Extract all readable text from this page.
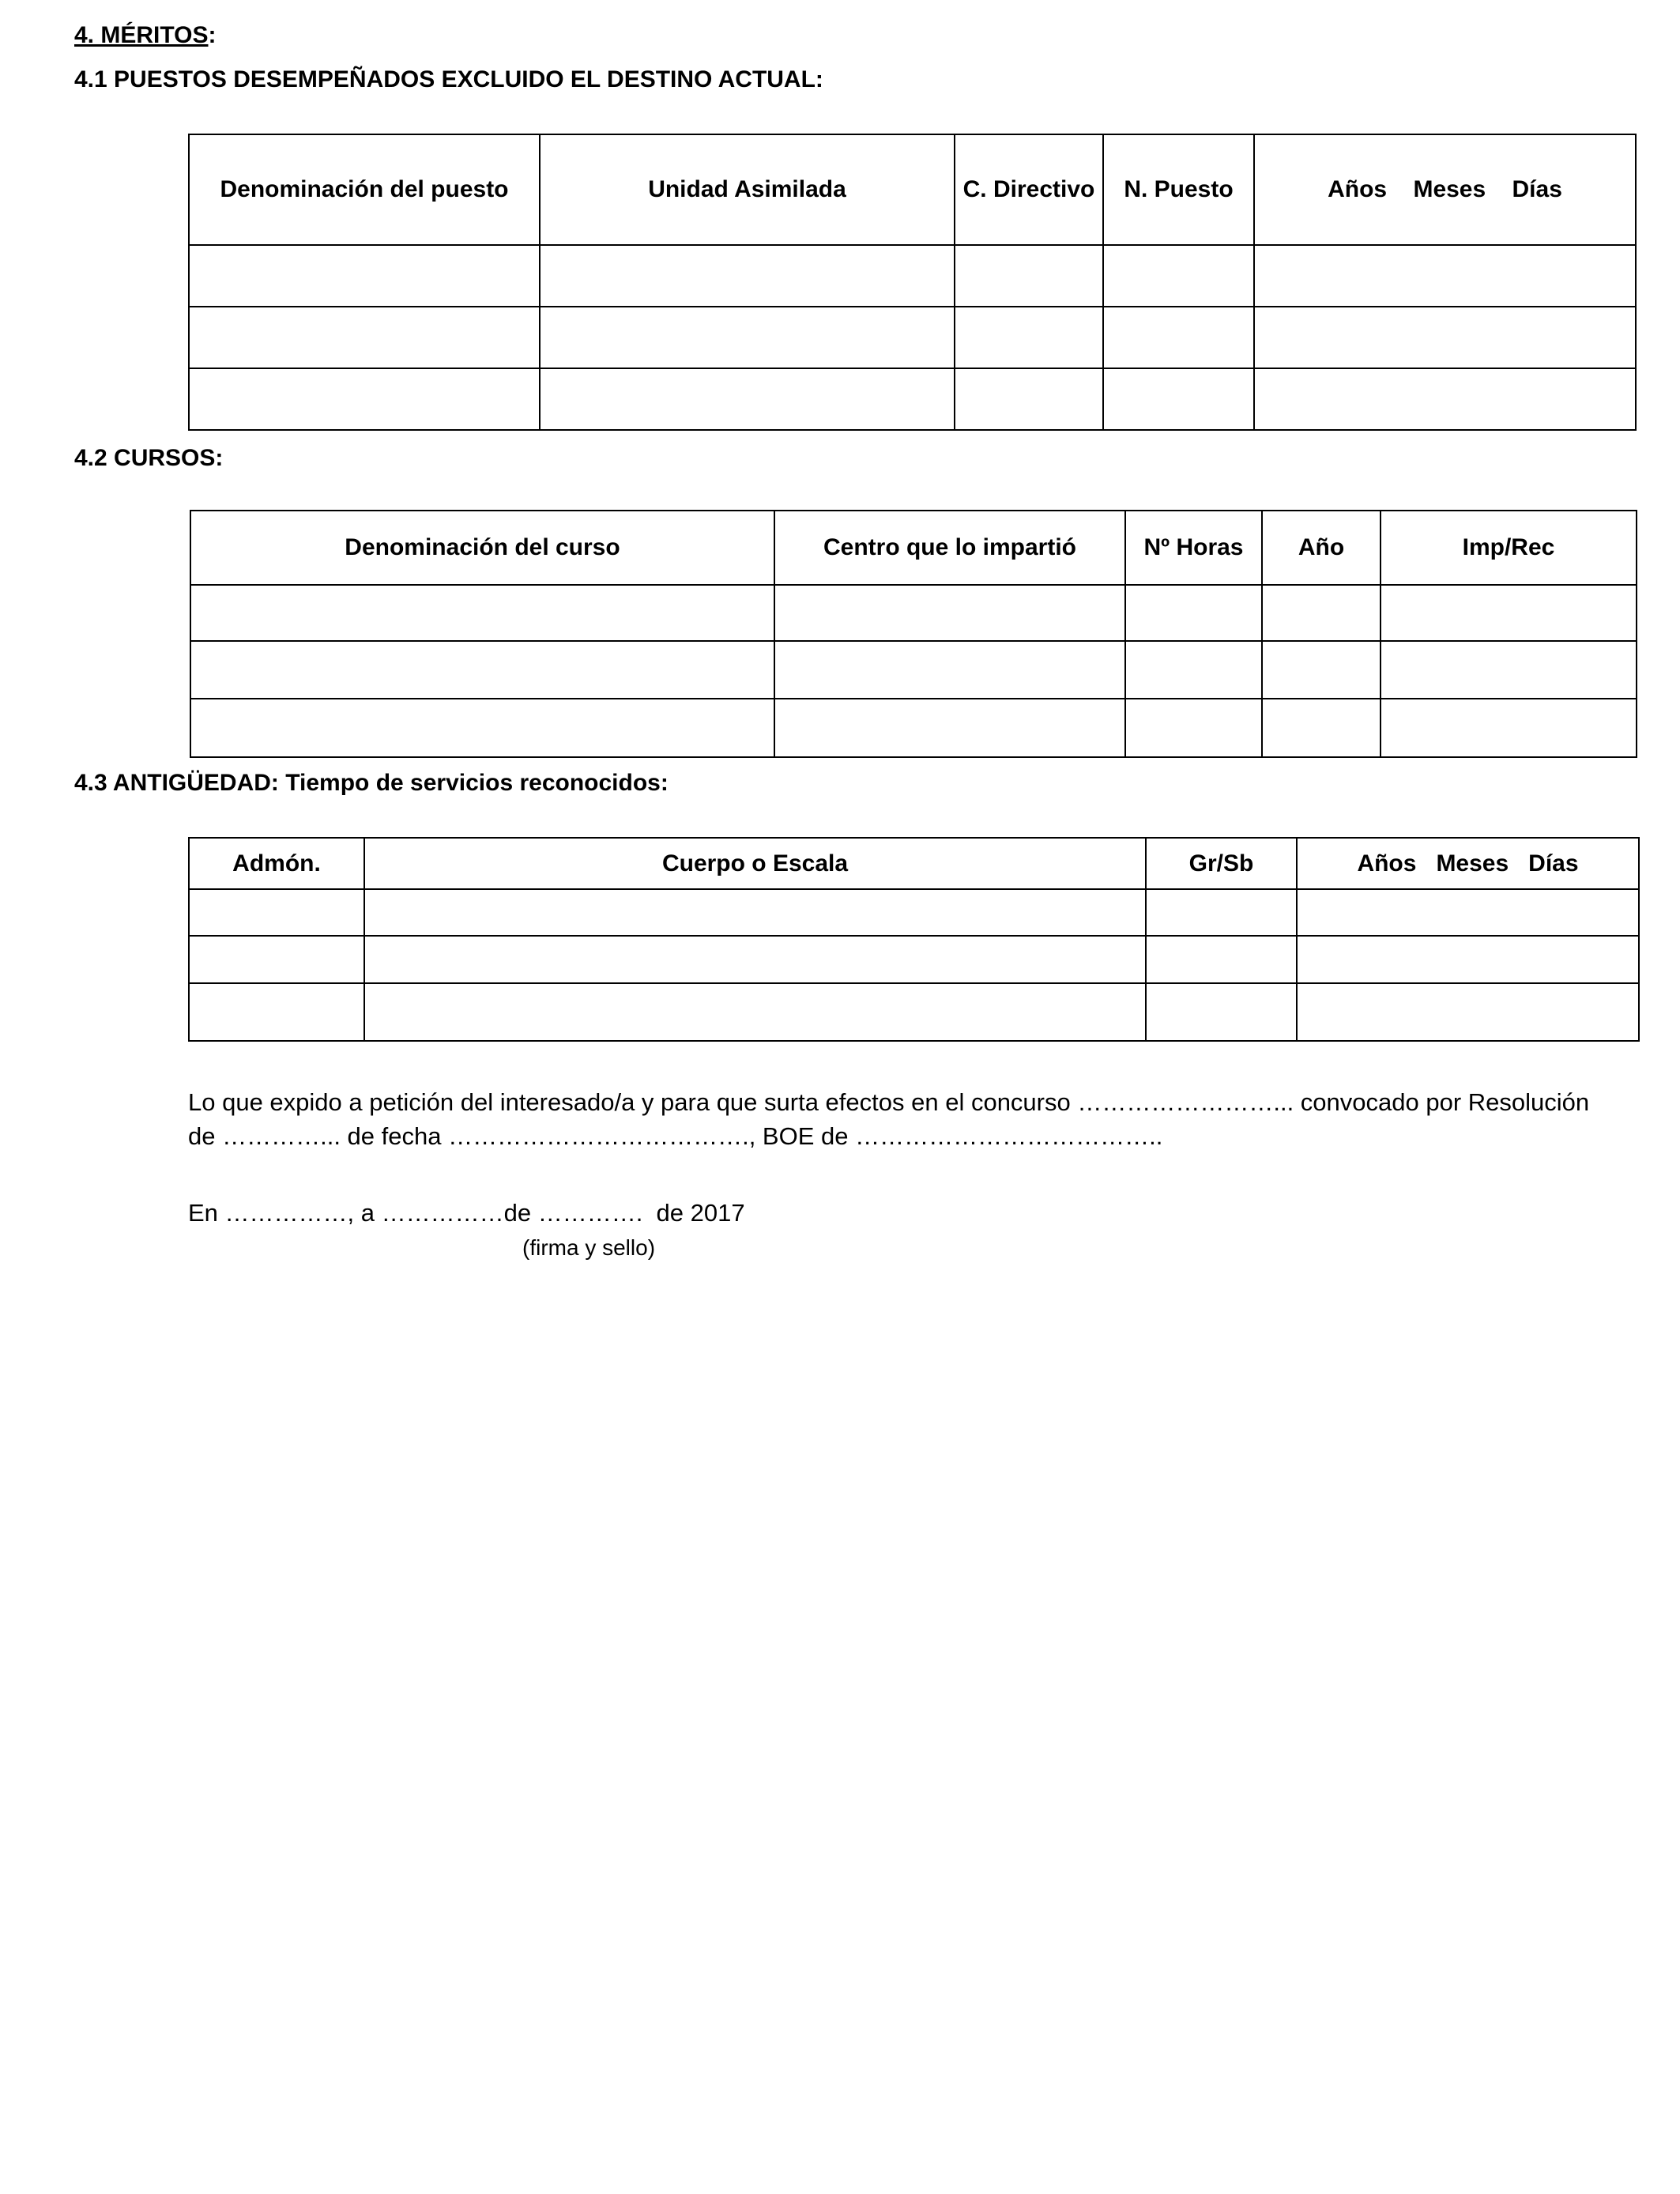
4. MÉRITOS:
4.1 PUESTOS DESEMPEÑADOS EXCLUIDO EL DESTINO ACTUAL:
Denominación del puesto	Unidad Asimilada	C. Directivo	N. Puesto	Años    Meses    Días

4.2 CURSOS:
Denominación del curso	Centro que lo impartió	Nº Horas	Año	Imp/Rec

4.3 ANTIGÜEDAD: Tiempo de servicios reconocidos:
Admón.	Cuerpo o Escala	Gr/Sb	Años   Meses   Días

Lo que expido a petición del interesado/a y para que surta efectos en el concurso ……………………... convocado por Resolución
de …………... de fecha ………………………………., BOE de ………………………………..
En ……………, a ……………de ………….  de 2017
(firma y sello)
